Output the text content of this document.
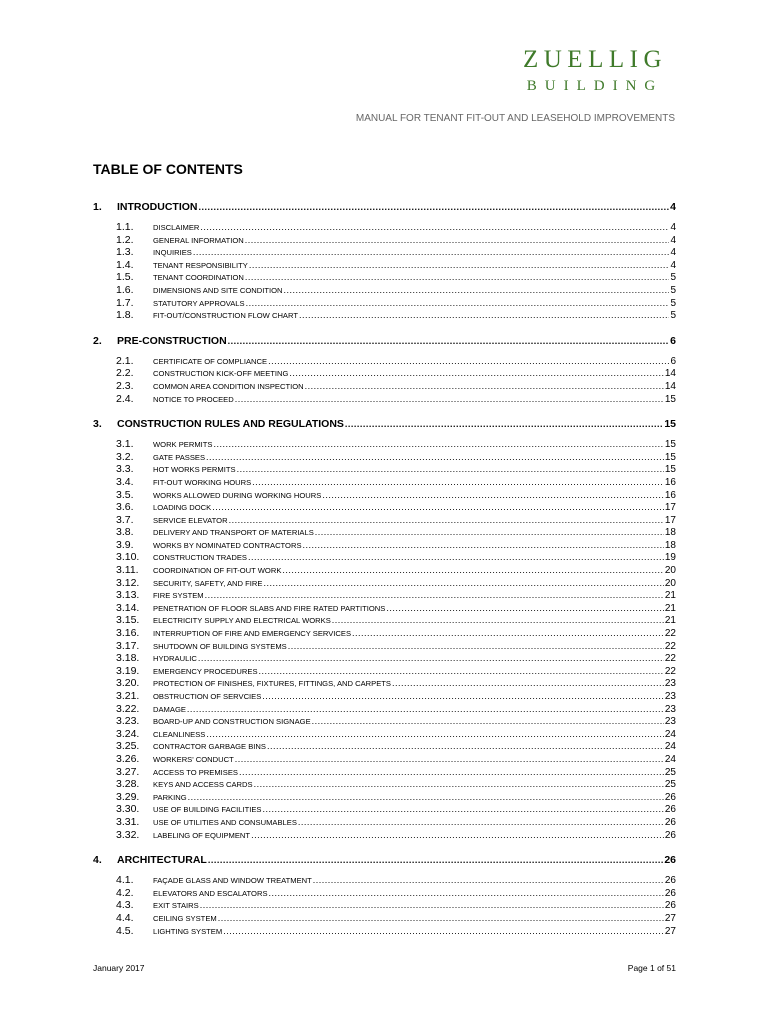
ZUELLIG
BUILDING
MANUAL FOR TENANT FIT-OUT AND LEASEHOLD IMPROVEMENTS
TABLE OF CONTENTS
1.	INTRODUCTION .....	4
1.1.	DISCLAIMER .....	4
1.2.	GENERAL INFORMATION .....	4
1.3.	INQUIRIES .....	4
1.4.	TENANT RESPONSIBILITY .....	4
1.5.	TENANT COORDINATION .....	5
1.6.	DIMENSIONS AND SITE CONDITION .....	5
1.7.	STATUTORY APPROVALS .....	5
1.8.	FIT-OUT/CONSTRUCTION FLOW CHART .....	5
2.	PRE-CONSTRUCTION .....	6
2.1.	CERTIFICATE OF COMPLIANCE .....	6
2.2.	CONSTRUCTION KICK-OFF MEETING .....	14
2.3.	COMMON AREA CONDITION INSPECTION .....	14
2.4.	NOTICE TO PROCEED .....	15
3.	CONSTRUCTION RULES AND REGULATIONS .....	15
3.1.	WORK PERMITS .....	15
3.2.	GATE PASSES .....	15
3.3.	HOT WORKS PERMITS .....	15
3.4.	FIT-OUT WORKING HOURS .....	16
3.5.	WORKS ALLOWED DURING WORKING HOURS .....	16
3.6.	LOADING DOCK .....	17
3.7.	SERVICE ELEVATOR .....	17
3.8.	DELIVERY AND TRANSPORT OF MATERIALS .....	18
3.9.	WORKS BY NOMINATED CONTRACTORS .....	18
3.10.	CONSTRUCTION TRADES .....	19
3.11.	COORDINATION OF FIT-OUT WORK .....	20
3.12.	SECURITY, SAFETY, AND FIRE .....	20
3.13.	FIRE SYSTEM .....	21
3.14.	PENETRATION OF FLOOR SLABS AND FIRE RATED PARTITIONS .....	21
3.15.	ELECTRICITY SUPPLY AND ELECTRICAL WORKS .....	21
3.16.	INTERRUPTION OF FIRE AND EMERGENCY SERVICES .....	22
3.17.	SHUTDOWN OF BUILDING SYSTEMS .....	22
3.18.	HYDRAULIC .....	22
3.19.	EMERGENCY PROCEDURES .....	22
3.20.	PROTECTION OF FINISHES, FIXTURES, FITTINGS, AND CARPETS .....	23
3.21.	OBSTRUCTION OF SERVCIES .....	23
3.22.	DAMAGE .....	23
3.23.	BOARD-UP AND CONSTRUCTION SIGNAGE .....	23
3.24.	CLEANLINESS .....	24
3.25.	CONTRACTOR GARBAGE BINS .....	24
3.26.	WORKERS' CONDUCT .....	24
3.27.	ACCESS TO PREMISES .....	25
3.28.	KEYS AND ACCESS CARDS .....	25
3.29.	PARKING .....	26
3.30.	USE OF BUILDING FACILITIES .....	26
3.31.	USE OF UTILITIES AND CONSUMABLES .....	26
3.32.	LABELING OF EQUIPMENT .....	26
4.	ARCHITECTURAL .....	26
4.1.	FAÇADE GLASS AND WINDOW TREATMENT .....	26
4.2.	ELEVATORS AND ESCALATORS .....	26
4.3.	EXIT STAIRS .....	26
4.4.	CEILING SYSTEM .....	27
4.5.	LIGHTING SYSTEM .....	27
January 2017	Page 1 of 51
